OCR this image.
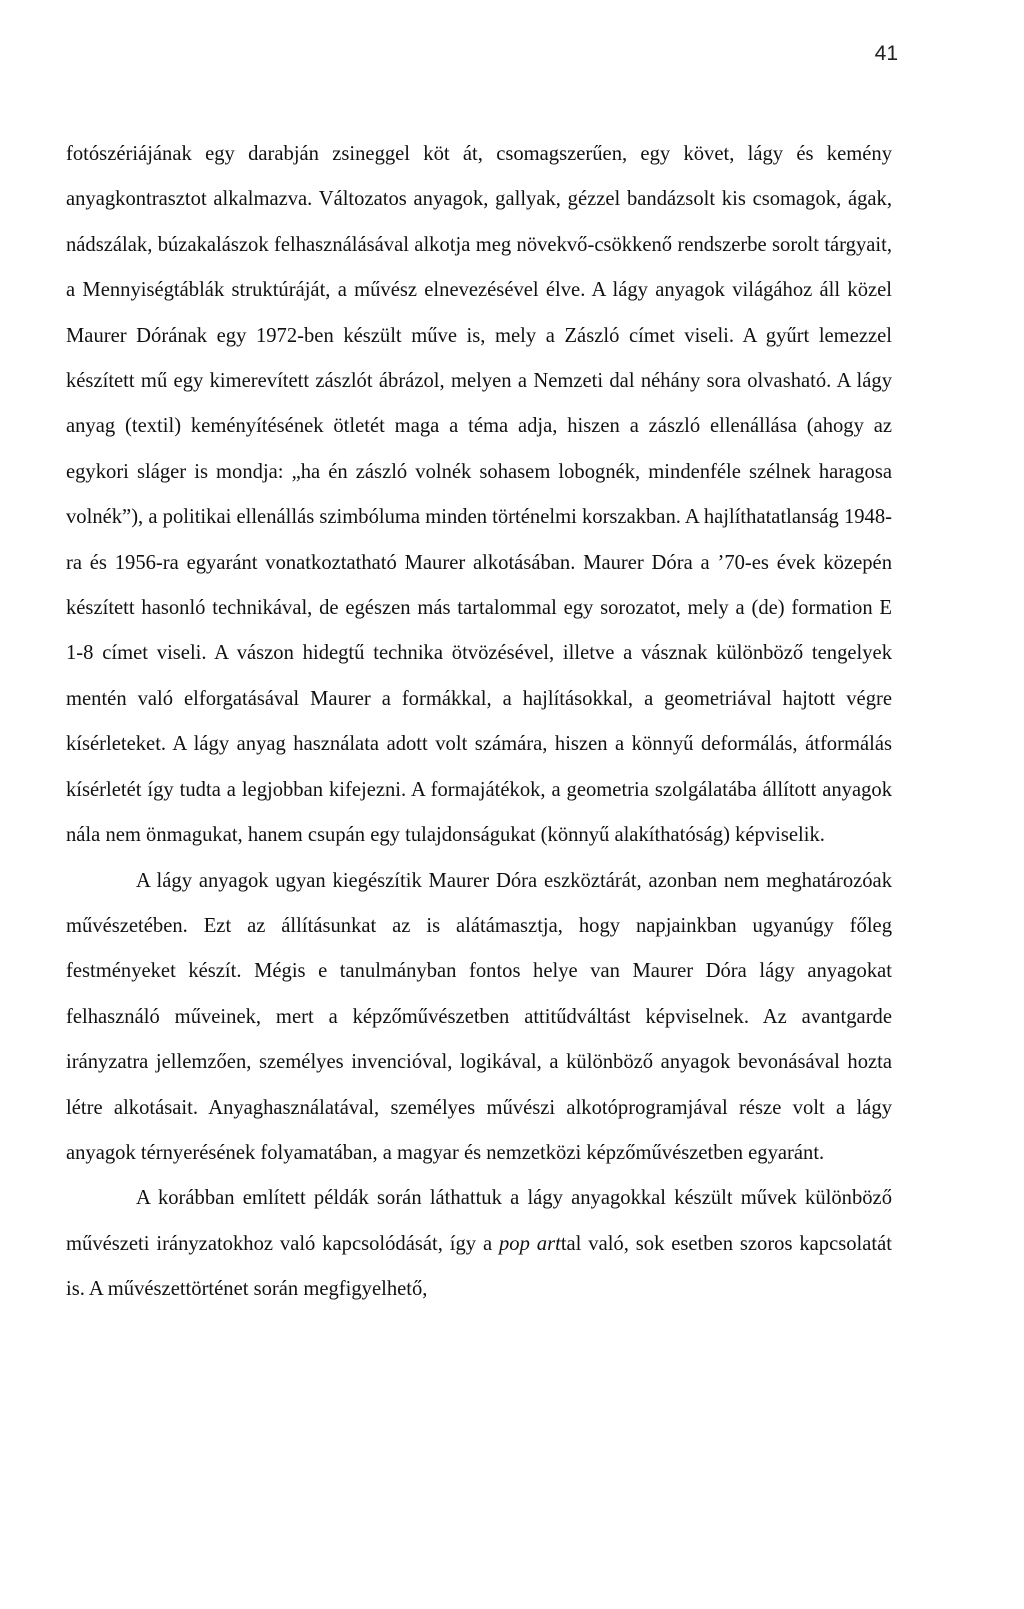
41

fotószériájának egy darabján zsineggel köt át, csomagszerűen, egy követ, lágy és kemény anyagkontrasztot alkalmazva. Változatos anyagok, gallyak, gézzel bandázsolt kis csomagok, ágak, nádszálak, búzakalászok felhasználásával alkotja meg növekvő-csökkenő rendszerbe sorolt tárgyait, a Mennyiségtáblák struktúráját, a művész elnevezésével élve. A lágy anyagok világához áll közel Maurer Dórának egy 1972-ben készült műve is, mely a Zászló címet viseli. A gyűrt lemezzel készített mű egy kimerevített zászlót ábrázol, melyen a Nemzeti dal néhány sora olvasható. A lágy anyag (textil) keményítésének ötletét maga a téma adja, hiszen a zászló ellenállása (ahogy az egykori sláger is mondja: „ha én zászló volnék sohasem lobognék, mindenféle szélnek haragosa volnék”), a politikai ellenállás szimbóluma minden történelmi korszakban. A hajlíthatatlanság 1948-ra és 1956-ra egyaránt vonatkoztatható Maurer alkotásában. Maurer Dóra a ’70-es évek közepén készített hasonló technikával, de egészen más tartalommal egy sorozatot, mely a (de) formation E 1-8 címet viseli. A vászon hidegtű technika ötvözésével, illetve a vásznak különböző tengelyek mentén való elforgatásával Maurer a formákkal, a hajlításokkal, a geometriával hajtott végre kísérleteket. A lágy anyag használata adott volt számára, hiszen a könnyű deformálás, átformálás kísérletét így tudta a legjobban kifejezni. A formajátékok, a geometria szolgálatába állított anyagok nála nem önmagukat, hanem csupán egy tulajdonságukat (könnyű alakíthatóság) képviselik.

A lágy anyagok ugyan kiegészítik Maurer Dóra eszköztárát, azonban nem meghatározóak művészetében. Ezt az állításunkat az is alátámasztja, hogy napjainkban ugyanúgy főleg festményeket készít. Mégis e tanulmányban fontos helye van Maurer Dóra lágy anyagokat felhasználó műveinek, mert a képzőművészetben attitűdváltást képviselnek. Az avantgarde irányzatra jellemzően, személyes invencióval, logikával, a különböző anyagok bevonásával hozta létre alkotásait. Anyaghasználatával, személyes művészi alkotóprogramjával része volt a lágy anyagok térnyerésének folyamatában, a magyar és nemzetközi képzőművészetben egyaránt.

A korábban említett példák során láthattuk a lágy anyagokkal készült művek különböző művészeti irányzatokhoz való kapcsolódását, így a pop arttal való, sok esetben szoros kapcsolatát is. A művészettörténet során megfigyelhető,
